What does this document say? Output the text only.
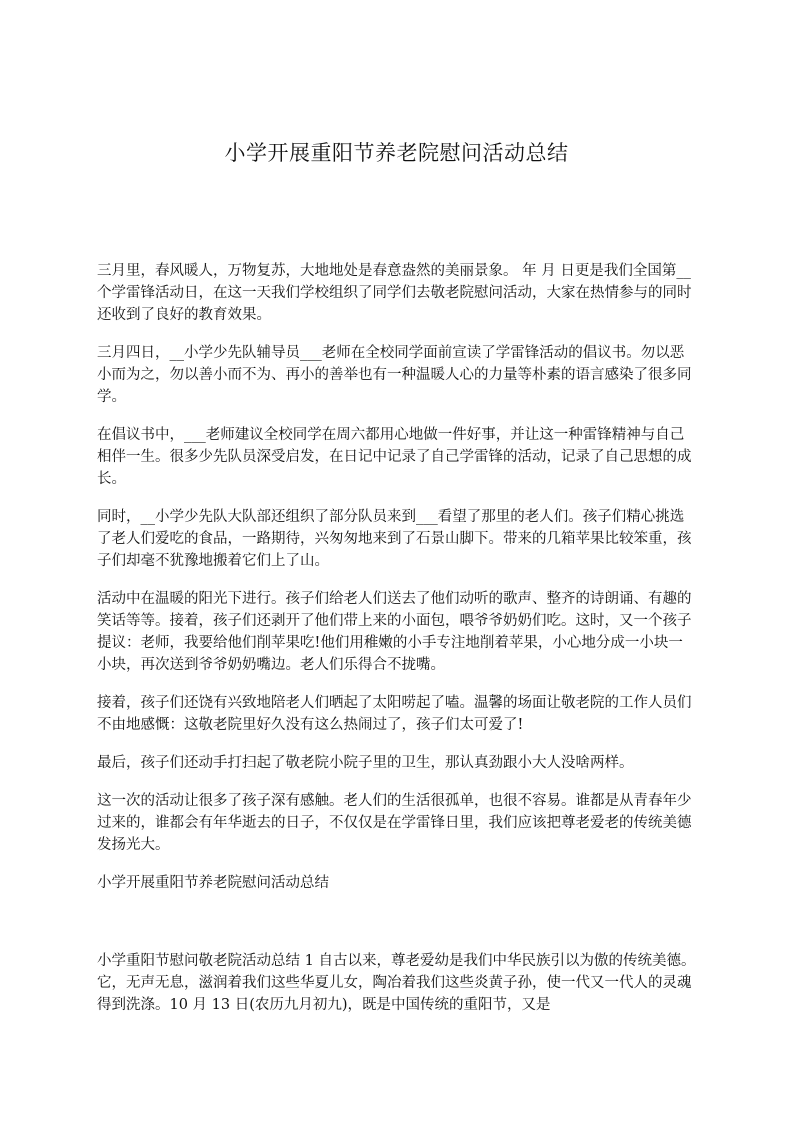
小学开展重阳节养老院慰问活动总结

三月里，春风暖人，万物复苏，大地地处是春意盎然的美丽景象。 年 月 日更是我们全国第__个学雷锋活动日，在这一天我们学校组织了同学们去敬老院慰问活动，大家在热情参与的同时还收到了良好的教育效果。

三月四日，__小学少先队辅导员___老师在全校同学面前宣读了学雷锋活动的倡议书。勿以恶小而为之，勿以善小而不为、再小的善举也有一种温暖人心的力量等朴素的语言感染了很多同学。

在倡议书中，___老师建议全校同学在周六都用心地做一件好事，并让这一种雷锋精神与自己相伴一生。很多少先队员深受启发，在日记中记录了自己学雷锋的活动，记录了自己思想的成长。

同时，__小学少先队大队部还组织了部分队员来到___看望了那里的老人们。孩子们精心挑选了老人们爱吃的食品，一路期待，兴匆匆地来到了石景山脚下。带来的几箱苹果比较笨重，孩子们却毫不犹豫地搬着它们上了山。

活动中在温暖的阳光下进行。孩子们给老人们送去了他们动听的歌声、整齐的诗朗诵、有趣的笑话等等。接着，孩子们还剥开了他们带上来的小面包，喂爷爷奶奶们吃。这时，又一个孩子提议：老师，我要给他们削苹果吃!他们用稚嫩的小手专注地削着苹果，小心地分成一小块一小块，再次送到爷爷奶奶嘴边。老人们乐得合不拢嘴。

接着，孩子们还饶有兴致地陪老人们晒起了太阳唠起了嗑。温馨的场面让敬老院的工作人员们不由地感慨：这敬老院里好久没有这么热闹过了，孩子们太可爱了!

最后，孩子们还动手打扫起了敬老院小院子里的卫生，那认真劲跟小大人没啥两样。

这一次的活动让很多了孩子深有感触。老人们的生活很孤单，也很不容易。谁都是从青春年少过来的，谁都会有年华逝去的日子，不仅仅是在学雷锋日里，我们应该把尊老爱老的传统美德发扬光大。

小学开展重阳节养老院慰问活动总结

小学重阳节慰问敬老院活动总结 1 自古以来，尊老爱幼是我们中华民族引以为傲的传统美德。它，无声无息，滋润着我们这些华夏儿女，陶冶着我们这些炎黄子孙，使一代又一代人的灵魂得到洗涤。10 月 13 日(农历九月初九)，既是中国传统的重阳节，又是
